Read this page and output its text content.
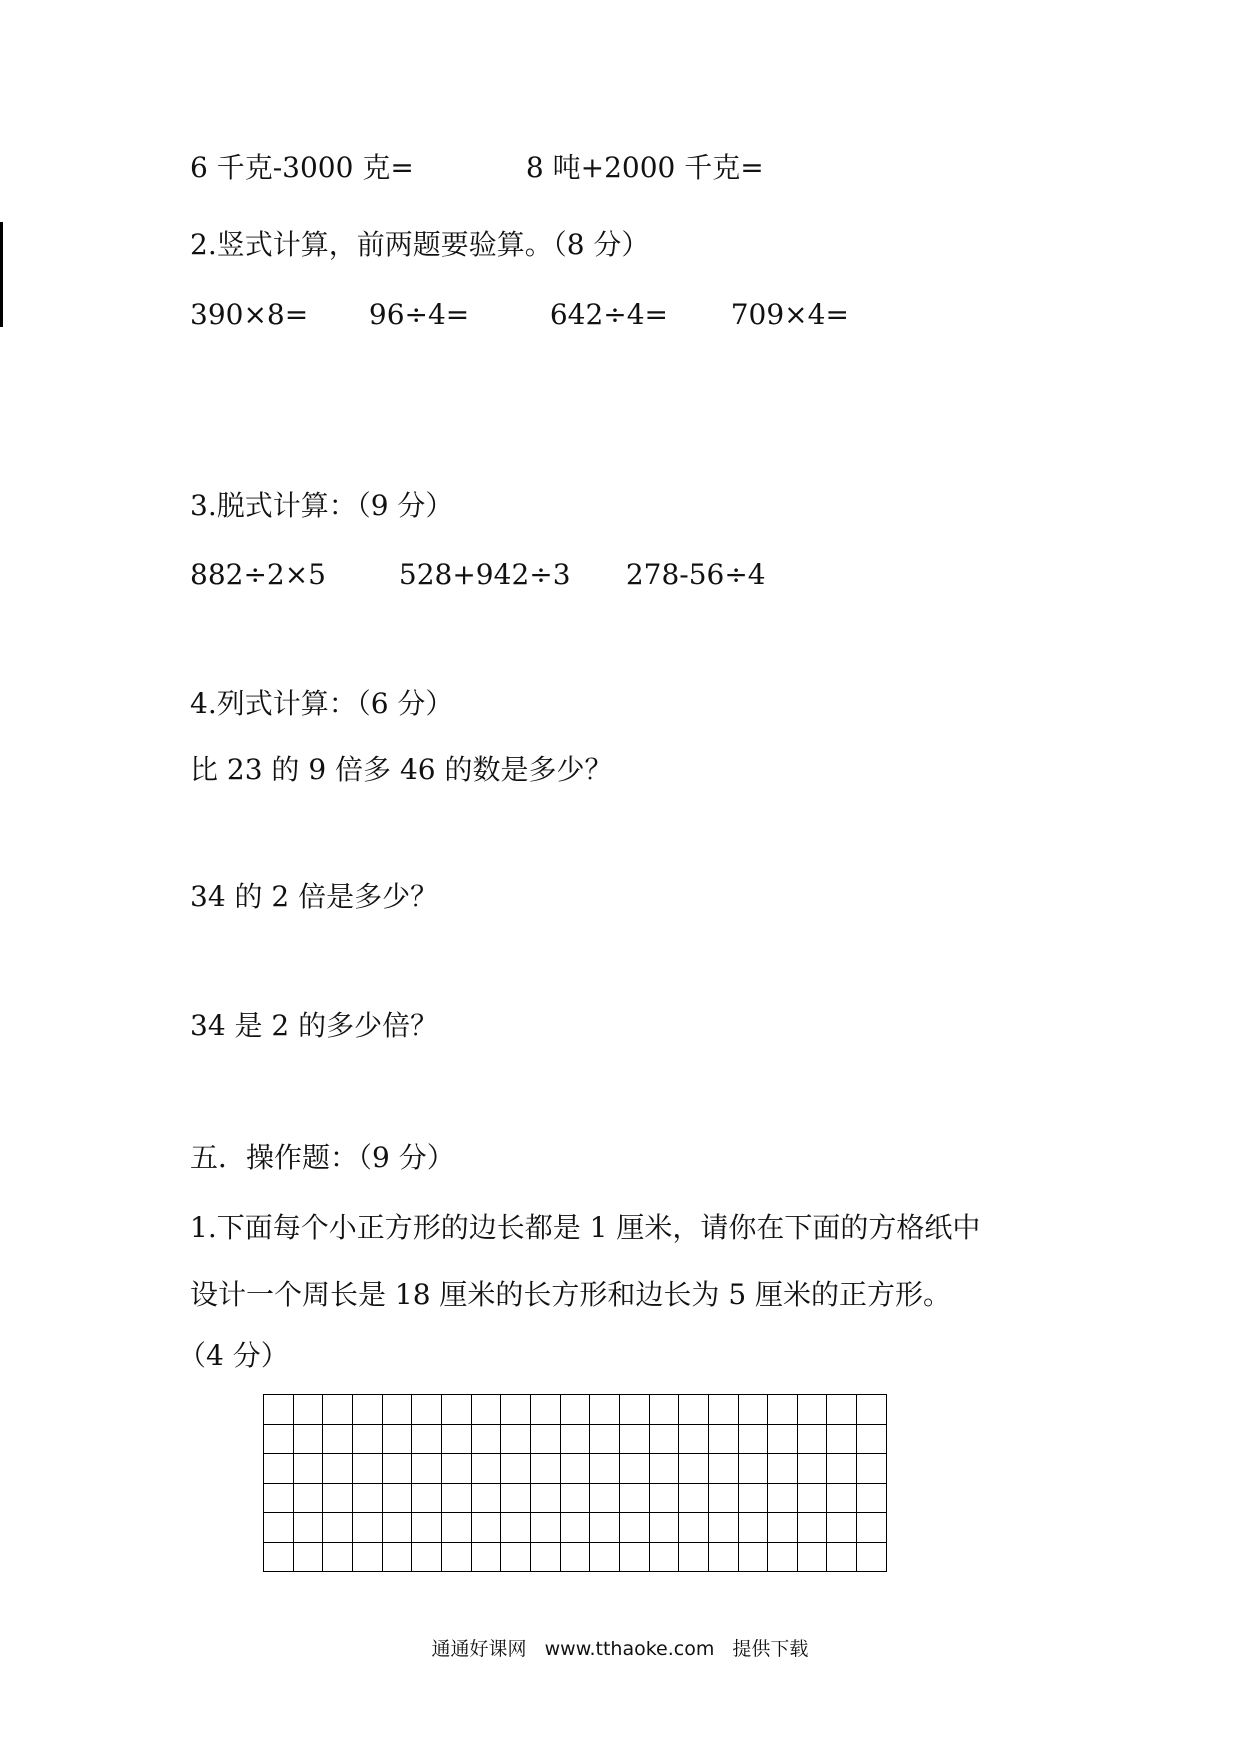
6 千克-3000 克=	8 吨+2000 千克=
2.竖式计算，前两题要验算。（8 分）
390×8= 96÷4=	642÷4= 709×4=
3.脱式计算：（9 分）
882÷2×5	528+942÷3 278-56÷4
4.列式计算：（6 分）
比 23 的 9 倍多 46 的数是多少？
34 的 2 倍是多少？
34 是 2 的多少倍？
五．操作题：（9 分）
1.下面每个小正方形的边长都是 1 厘米，请你在下面的方格纸中
设计一个周长是 18 厘米的长方形和边长为 5 厘米的正方形。
（4 分）

通通好课网 www.tthaoke.com 提供下载
